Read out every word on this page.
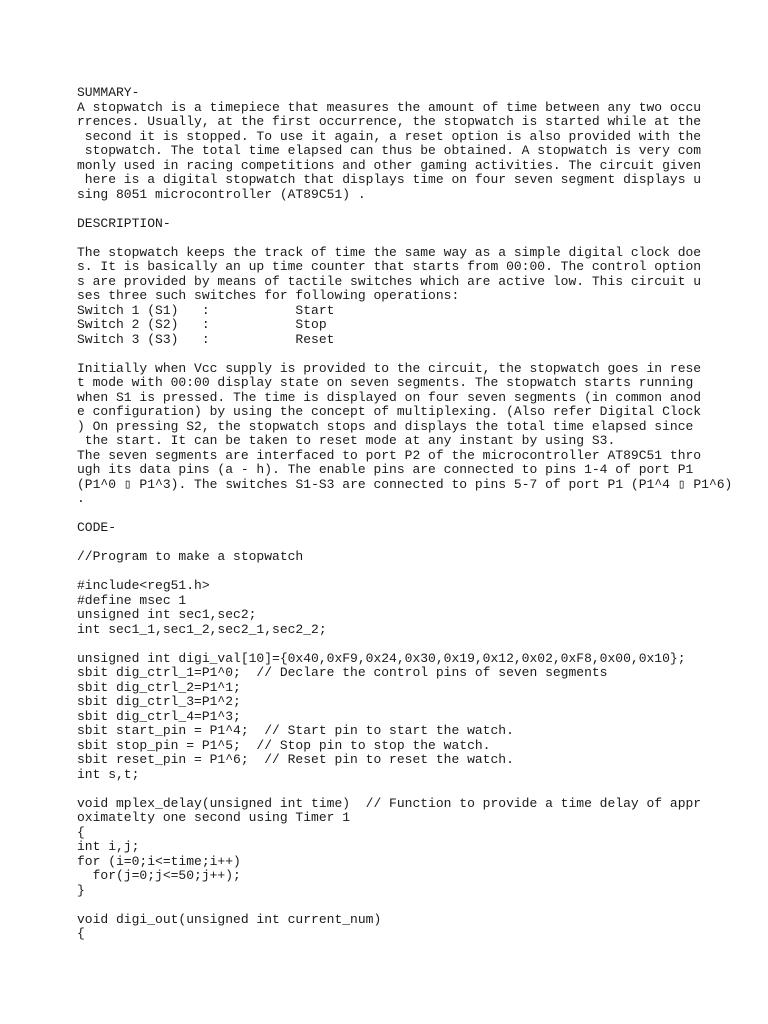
SUMMARY-
A stopwatch is a timepiece that measures the amount of time between any two occu
rrences. Usually, at the first occurrence, the stopwatch is started while at the
second it is stopped. To use it again, a reset option is also provided with the
stopwatch. The total time elapsed can thus be obtained. A stopwatch is very com
monly used in racing competitions and other gaming activities. The circuit given
here is a digital stopwatch that displays time on four seven segment displays u
sing 8051 microcontroller (AT89C51) .
DESCRIPTION-
The stopwatch keeps the track of time the same way as a simple digital clock doe
s. It is basically an up time counter that starts from 00:00. The control option
s are provided by means of tactile switches which are active low. This circuit u
ses three such switches for following operations:
Switch 1 (S1)   :           Start
Switch 2 (S2)   :           Stop
Switch 3 (S3)   :           Reset
Initially when Vcc supply is provided to the circuit, the stopwatch goes in rese
t mode with 00:00 display state on seven segments. The stopwatch starts running
when S1 is pressed. The time is displayed on four seven segments (in common anod
e configuration) by using the concept of multiplexing. (Also refer Digital Clock
) On pressing S2, the stopwatch stops and displays the total time elapsed since
the start. It can be taken to reset mode at any instant by using S3.
The seven segments are interfaced to port P2 of the microcontroller AT89C51 thro
ugh its data pins (a - h). The enable pins are connected to pins 1-4 of port P1
(P1^0 ▯ P1^3). The switches S1-S3 are connected to pins 5-7 of port P1 (P1^4 ▯ P1^6)
.
CODE-
//Program to make a stopwatch
#include<reg51.h>
#define msec 1
unsigned int sec1,sec2;
int sec1_1,sec1_2,sec2_1,sec2_2;
unsigned int digi_val[10]={0x40,0xF9,0x24,0x30,0x19,0x12,0x02,0xF8,0x00,0x10};
sbit dig_ctrl_1=P1^0;  // Declare the control pins of seven segments
sbit dig_ctrl_2=P1^1;
sbit dig_ctrl_3=P1^2;
sbit dig_ctrl_4=P1^3;
sbit start_pin = P1^4;  // Start pin to start the watch.
sbit stop_pin = P1^5;  // Stop pin to stop the watch.
sbit reset_pin = P1^6;  // Reset pin to reset the watch.
int s,t;
void mplex_delay(unsigned int time)  // Function to provide a time delay of appr
oximatelty one second using Timer 1
{
int i,j;
for (i=0;i<=time;i++)
for(j=0;j<=50;j++);
}
void digi_out(unsigned int current_num)
{
